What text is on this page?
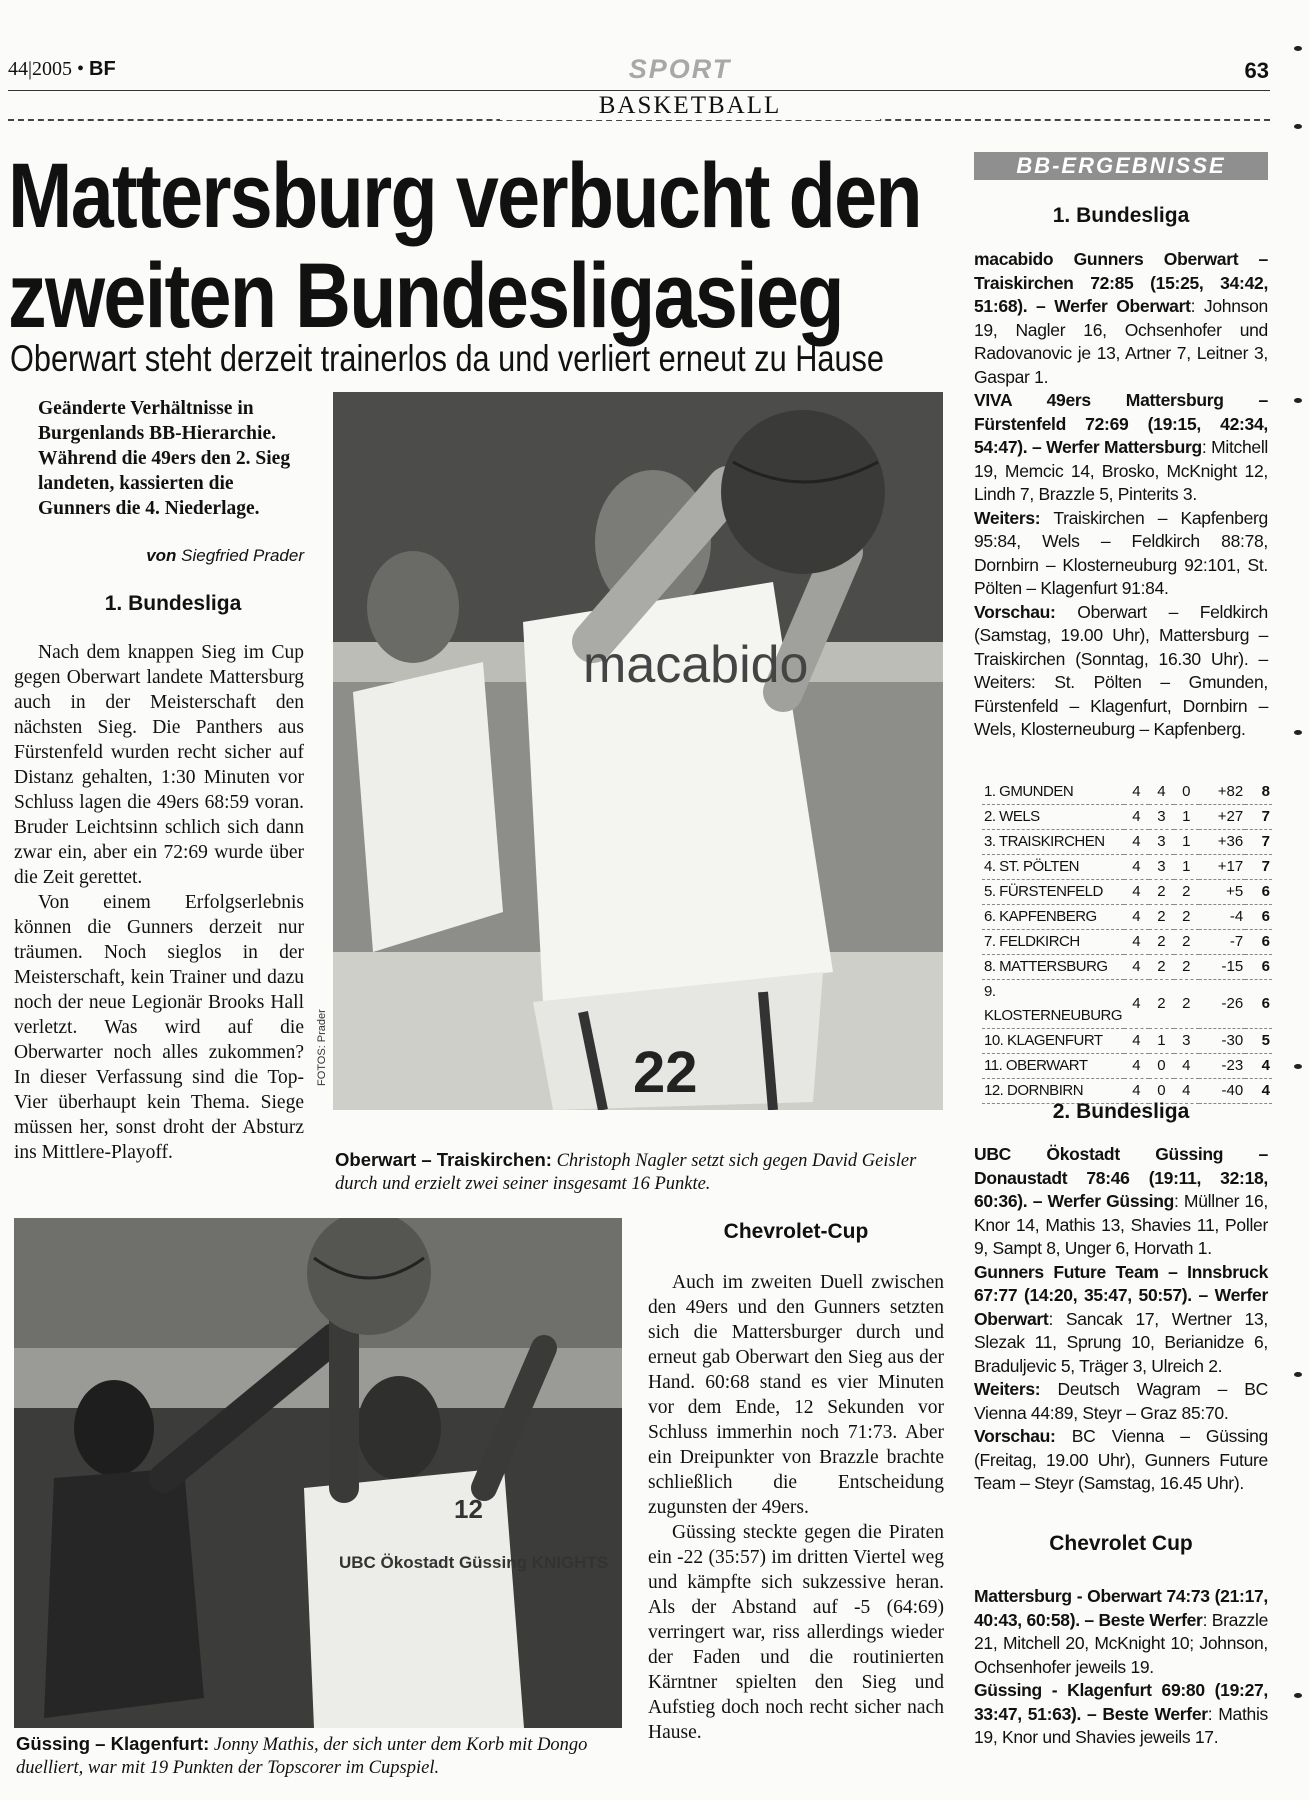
44|2005 • BF	SPORT	63
BASKETBALL
Mattersburg verbucht den
zweiten Bundesligasieg
Oberwart steht derzeit trainerlos da und verliert erneut zu Hause
Geänderte Verhältnisse in Burgenlands BB-Hierarchie. Während die 49ers den 2. Sieg landeten, kassierten die Gunners die 4. Niederlage.
von Siegfried Prader
1. Bundesliga

Nach dem knappen Sieg im Cup gegen Oberwart landete Mattersburg auch in der Meisterschaft den nächsten Sieg. Die Panthers aus Fürstenfeld wurden recht sicher auf Distanz gehalten, 1:30 Minuten vor Schluss lagen die 49ers 68:59 voran. Bruder Leichtsinn schlich sich dann zwar ein, aber ein 72:69 wurde über die Zeit gerettet.

Von einem Erfolgserlebnis können die Gunners derzeit nur träumen. Noch sieglos in der Meisterschaft, kein Trainer und dazu noch der neue Legionär Brooks Hall verletzt. Was wird auf die Oberwarter noch alles zukommen? In dieser Verfassung sind die Top-Vier überhaupt kein Thema. Siege müssen her, sonst droht der Absturz ins Mittlere-Playoff.

macabido
22
FOTOS: Prader
Oberwart – Traiskirchen: Christoph Nagler setzt sich gegen David Geisler durch und erzielt zwei seiner insgesamt 16 Punkte.
UBC Ökostadt Güssing KNIGHTS
12
Güssing – Klagenfurt: Jonny Mathis, der sich unter dem Korb mit Dongo duelliert, war mit 19 Punkten der Topscorer im Cupspiel.
Chevrolet-Cup

Auch im zweiten Duell zwischen den 49ers und den Gunners setzten sich die Mattersburger durch und erneut gab Oberwart den Sieg aus der Hand. 60:68 stand es vier Minuten vor dem Ende, 12 Sekunden vor Schluss immerhin noch 71:73. Aber ein Dreipunkter von Brazzle brachte schließlich die Entscheidung zugunsten der 49ers.

Güssing steckte gegen die Piraten ein -22 (35:57) im dritten Viertel weg und kämpfte sich sukzessive heran. Als der Abstand auf -5 (64:69) verringert war, riss allerdings wieder der Faden und die routinierten Kärntner spielten den Sieg und Aufstieg doch noch recht sicher nach Hause.

BB-ERGEBNISSE
1. Bundesliga

macabido Gunners Oberwart – Traiskirchen 72:85 (15:25, 34:42, 51:68). – Werfer Oberwart: Johnson 19, Nagler 16, Ochsenhofer und Radovanovic je 13, Artner 7, Leitner 3, Gaspar 1.

VIVA 49ers Mattersburg – Fürstenfeld 72:69 (19:15, 42:34, 54:47). – Werfer Mattersburg: Mitchell 19, Memcic 14, Brosko, McKnight 12, Lindh 7, Brazzle 5, Pinterits 3.

Weiters: Traiskirchen – Kapfenberg 95:84, Wels – Feldkirch 88:78, Dornbirn – Klosterneuburg 92:101, St. Pölten – Klagenfurt 91:84.

Vorschau: Oberwart – Feldkirch (Samstag, 19.00 Uhr), Mattersburg – Traiskirchen (Sonntag, 16.30 Uhr). – Weiters: St. Pölten – Gmunden, Fürstenfeld – Klagenfurt, Dornbirn – Wels, Klosterneuburg – Kapfenberg.

1. GMUNDEN	4	4	0	+82	8
2. WELS	4	3	1	+27	7
3. TRAISKIRCHEN	4	3	1	+36	7
4. ST. PÖLTEN	4	3	1	+17	7
5. FÜRSTENFELD	4	2	2	+5	6
6. KAPFENBERG	4	2	2	-4	6
7. FELDKIRCH	4	2	2	-7	6
8. MATTERSBURG	4	2	2	-15	6
9. KLOSTERNEUBURG	4	2	2	-26	6
10. KLAGENFURT	4	1	3	-30	5
11. OBERWART	4	0	4	-23	4
12. DORNBIRN	4	0	4	-40	4
2. Bundesliga

UBC Ökostadt Güssing – Donaustadt 78:46 (19:11, 32:18, 60:36). – Werfer Güssing: Müllner 16, Knor 14, Mathis 13, Shavies 11, Poller 9, Sampt 8, Unger 6, Horvath 1.

Gunners Future Team – Innsbruck 67:77 (14:20, 35:47, 50:57). – Werfer Oberwart: Sancak 17, Wertner 13, Slezak 11, Sprung 10, Berianidze 6, Braduljevic 5, Träger 3, Ulreich 2.

Weiters: Deutsch Wagram – BC Vienna 44:89, Steyr – Graz 85:70.

Vorschau: BC Vienna – Güssing (Freitag, 19.00 Uhr), Gunners Future Team – Steyr (Samstag, 16.45 Uhr).

Chevrolet Cup

Mattersburg - Oberwart 74:73 (21:17, 40:43, 60:58). – Beste Werfer: Brazzle 21, Mitchell 20, McKnight 10; Johnson, Ochsenhofer jeweils 19.

Güssing - Klagenfurt 69:80 (19:27, 33:47, 51:63). – Beste Werfer: Mathis 19, Knor und Shavies jeweils 17.
